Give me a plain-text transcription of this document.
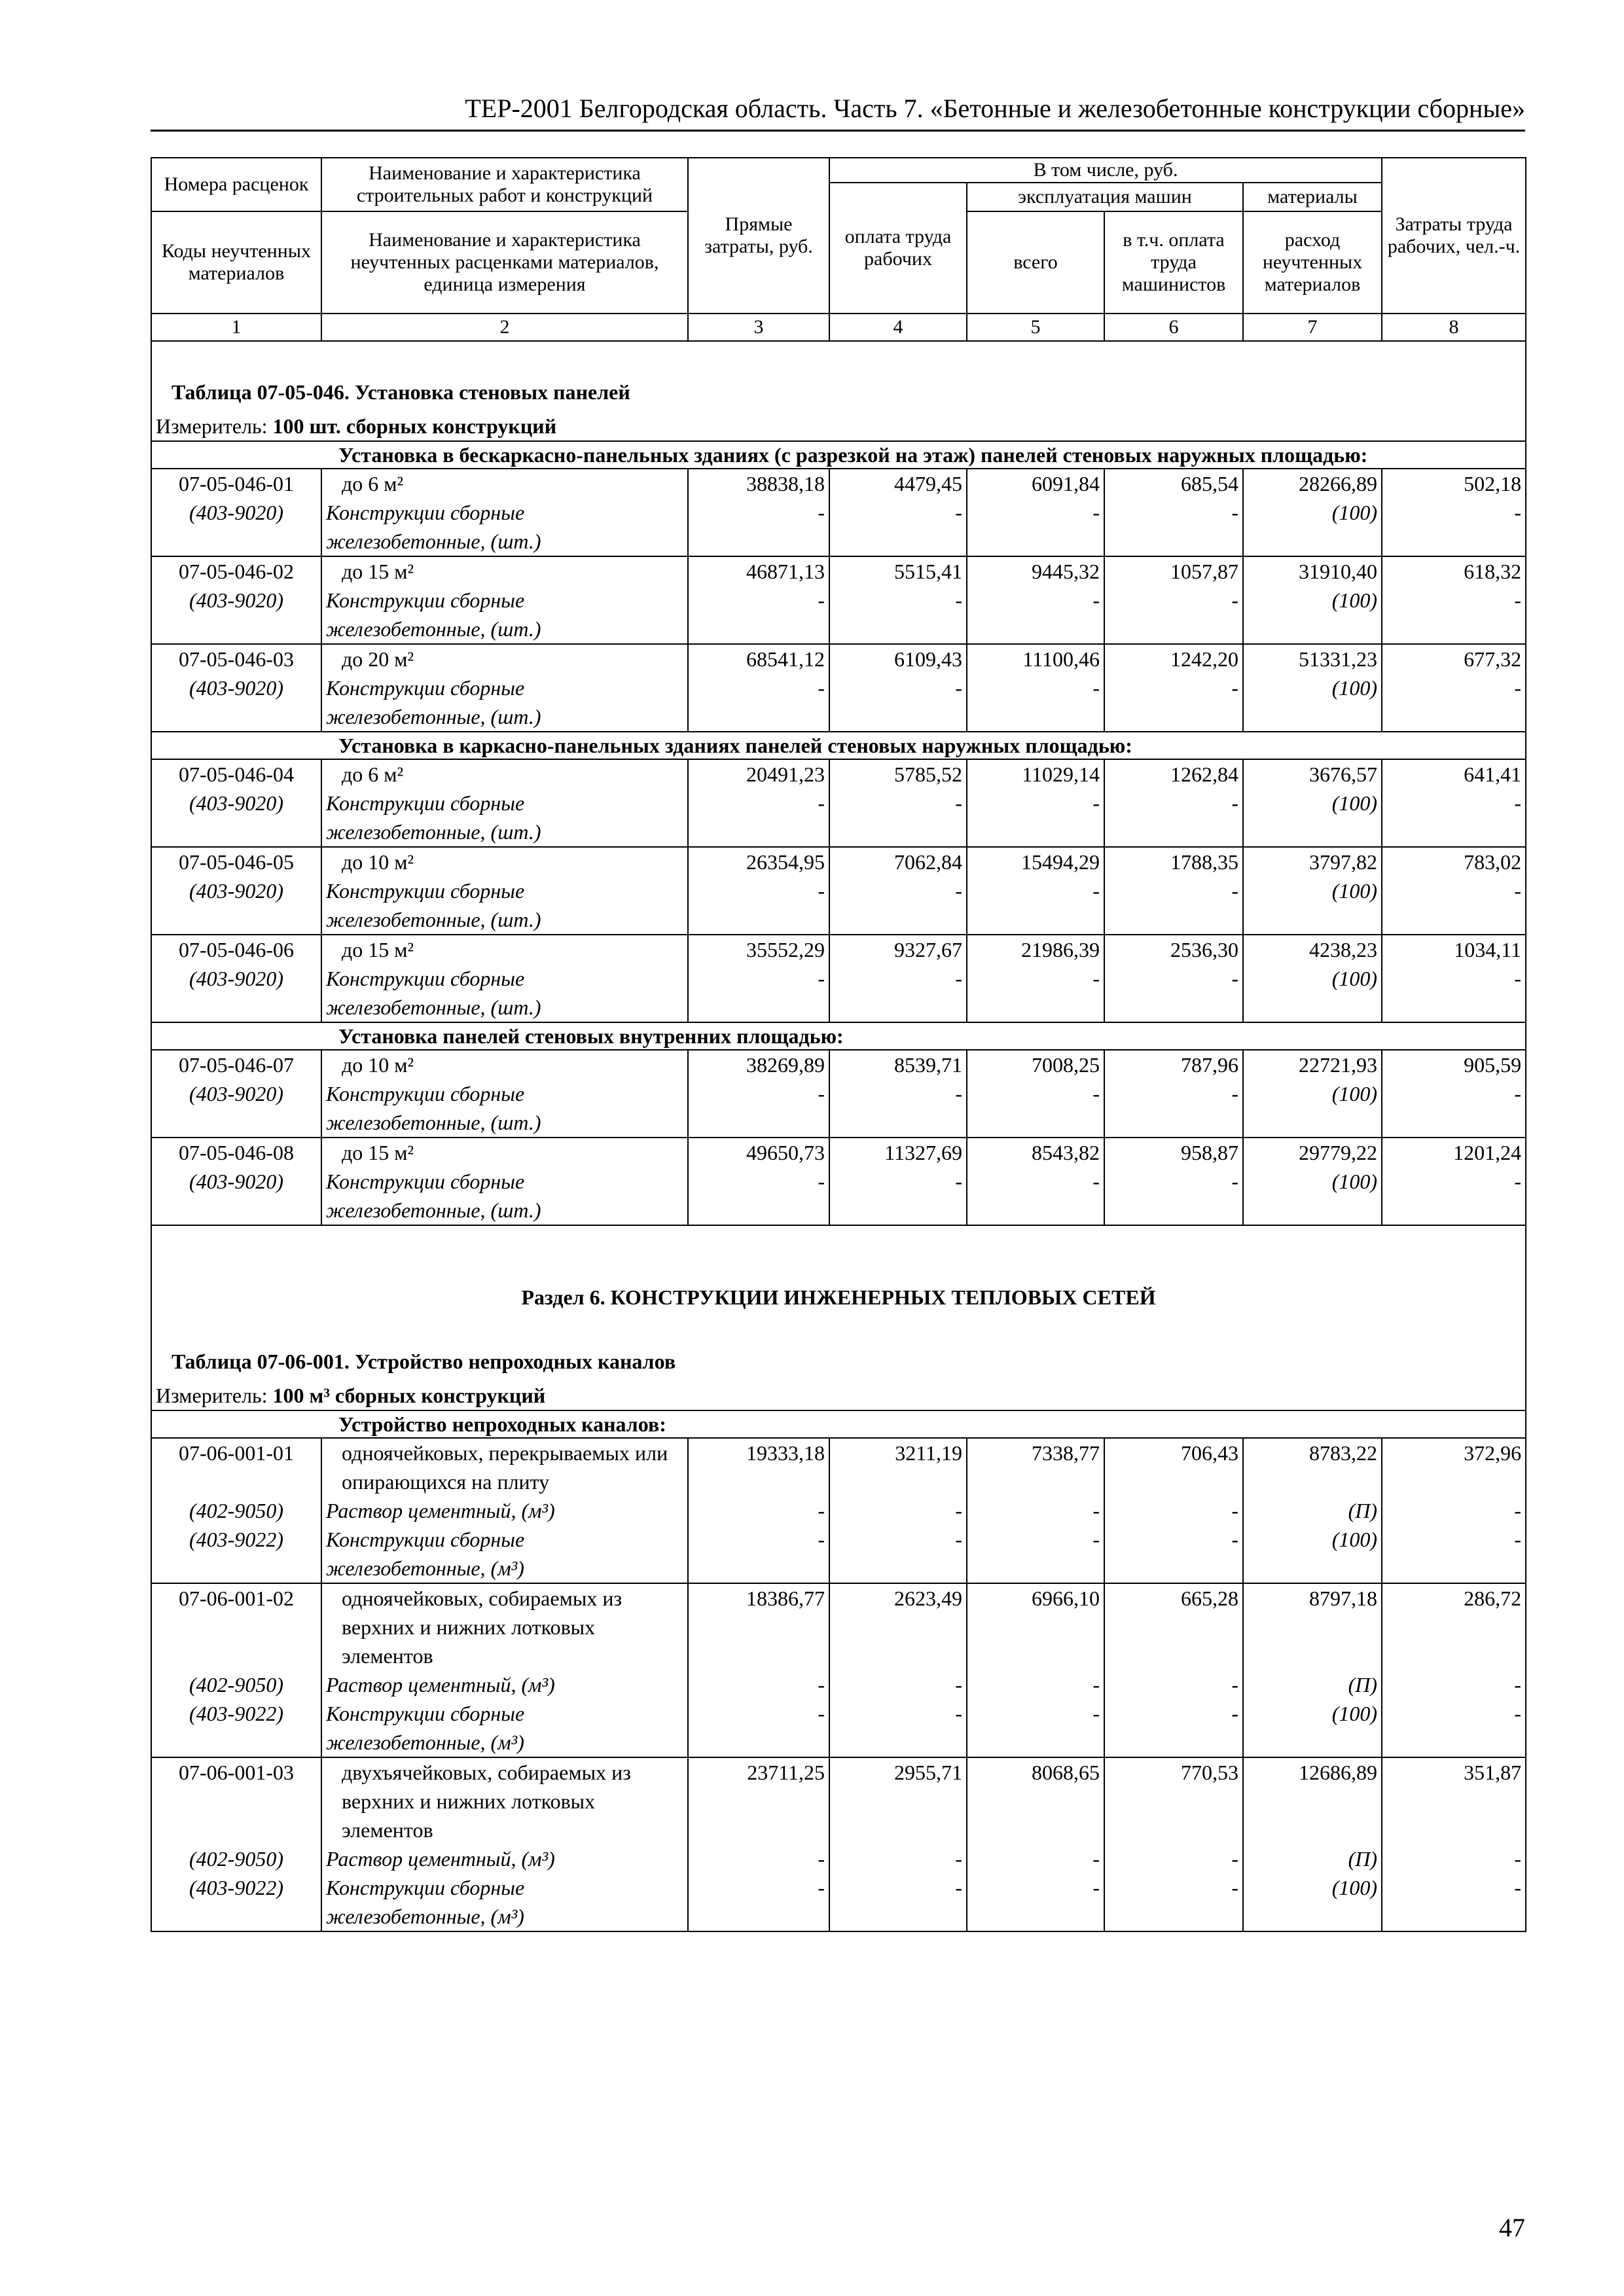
ТЕР-2001 Белгородская область. Часть 7. «Бетонные и железобетонные конструкции сборные»
Номера расценок	Наименование и характеристика строительных работ и конструкций	Прямые затраты, руб.	В том числе, руб.				Затраты труда рабочих, чел.-ч.
			оплата труда рабочих	эксплуатация машин		материалы	
Коды неучтенных материалов	Наименование и характеристика неучтенных расценками материалов, единица измерения			всего	в т.ч. оплата труда машинистов	расход неучтенных материалов	

1	2	3	4	5	6	7	8
Таблица 07-05-046. Установка стеновых панелей							
Измеритель: 100 шт. сборных конструкций							
	Установка в бескаркасно-панельных зданиях (с разрезкой на этаж) панелей стеновых наружных площадью:						
07-05-046-01	до 6 м²	38838,18	4479,45	6091,84	685,54	28266,89	502,18
(403-9020)	Конструкции сборные железобетонные, (шт.)	-	-	-	-	(100)	-
07-05-046-02	до 15 м²	46871,13	5515,41	9445,32	1057,87	31910,40	618,32
(403-9020)	Конструкции сборные железобетонные, (шт.)	-	-	-	-	(100)	-
07-05-046-03	до 20 м²	68541,12	6109,43	11100,46	1242,20	51331,23	677,32
(403-9020)	Конструкции сборные железобетонные, (шт.)	-	-	-	-	(100)	-
	Установка в каркасно-панельных зданиях панелей стеновых наружных площадью:						
07-05-046-04	до 6 м²	20491,23	5785,52	11029,14	1262,84	3676,57	641,41
(403-9020)	Конструкции сборные железобетонные, (шт.)	-	-	-	-	(100)	-
07-05-046-05	до 10 м²	26354,95	7062,84	15494,29	1788,35	3797,82	783,02
(403-9020)	Конструкции сборные железобетонные, (шт.)	-	-	-	-	(100)	-
07-05-046-06	до 15 м²	35552,29	9327,67	21986,39	2536,30	4238,23	1034,11
(403-9020)	Конструкции сборные железобетонные, (шт.)	-	-	-	-	(100)	-
	Установка панелей стеновых внутренних площадью:						
07-05-046-07	до 10 м²	38269,89	8539,71	7008,25	787,96	22721,93	905,59
(403-9020)	Конструкции сборные железобетонные, (шт.)	-	-	-	-	(100)	-
07-05-046-08	до 15 м²	49650,73	11327,69	8543,82	958,87	29779,22	1201,24
(403-9020)	Конструкции сборные железобетонные, (шт.)	-	-	-	-	(100)	-
Раздел 6. КОНСТРУКЦИИ ИНЖЕНЕРНЫХ ТЕПЛОВЫХ СЕТЕЙ							
Таблица 07-06-001. Устройство непроходных каналов							
Измеритель: 100 м³ сборных конструкций							
	Устройство непроходных каналов:						
07-06-001-01	одноячейковых, перекрываемых или опирающихся на плиту	19333,18	3211,19	7338,77	706,43	8783,22	372,96
(402-9050)	Раствор цементный, (м³)	-	-	-	-	(П)	-
(403-9022)	Конструкции сборные железобетонные, (м³)	-	-	-	-	(100)	-
07-06-001-02	одноячейковых, собираемых из верхних и нижних лотковых элементов	18386,77	2623,49	6966,10	665,28	8797,18	286,72
(402-9050)	Раствор цементный, (м³)	-	-	-	-	(П)	-
(403-9022)	Конструкции сборные железобетонные, (м³)	-	-	-	-	(100)	-
07-06-001-03	двухъячейковых, собираемых из верхних и нижних лотковых элементов	23711,25	2955,71	8068,65	770,53	12686,89	351,87
(402-9050)	Раствор цементный, (м³)	-	-	-	-	(П)	-
(403-9022)	Конструкции сборные железобетонные, (м³)	-	-	-	-	(100)	-
47
